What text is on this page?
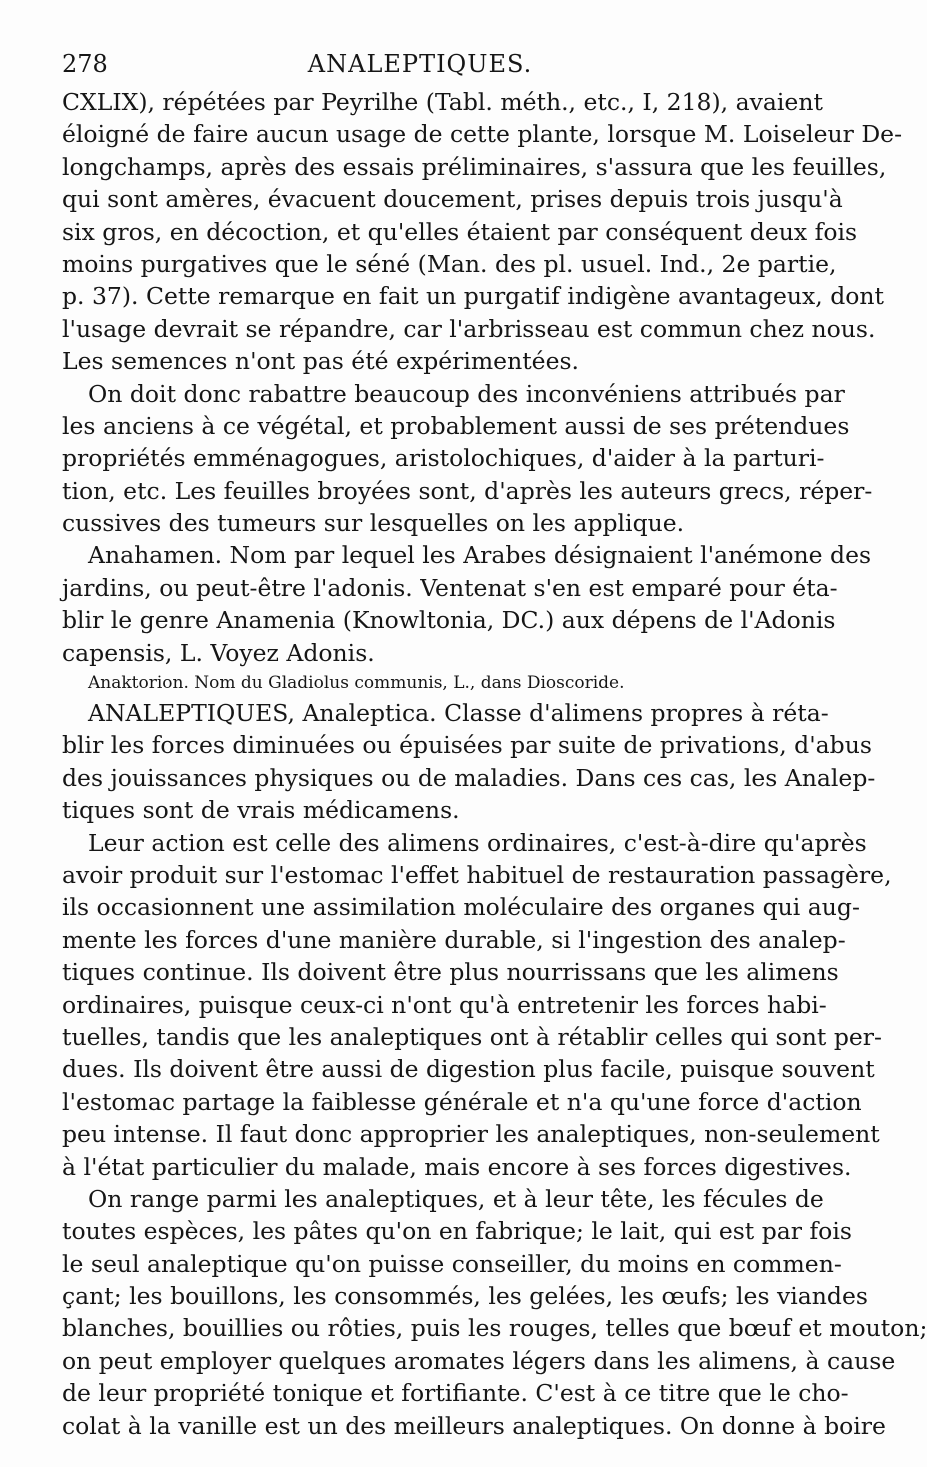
278	ANALEPTIQUES.
CXLIX), répétées par Peyrilhe (Tabl. méth., etc., I, 218), avaient
éloigné de faire aucun usage de cette plante, lorsque M. Loiseleur De-
longchamps, après des essais préliminaires, s'assura que les feuilles,
qui sont amères, évacuent doucement, prises depuis trois jusqu'à
six gros, en décoction, et qu'elles étaient par conséquent deux fois
moins purgatives que le séné (Man. des pl. usuel. Ind., 2e partie,
p. 37). Cette remarque en fait un purgatif indigène avantageux, dont
l'usage devrait se répandre, car l'arbrisseau est commun chez nous.
Les semences n'ont pas été expérimentées.
On doit donc rabattre beaucoup des inconvéniens attribués par
les anciens à ce végétal, et probablement aussi de ses prétendues
propriétés emménagogues, aristolochiques, d'aider à la parturi-
tion, etc. Les feuilles broyées sont, d'après les auteurs grecs, réper-
cussives des tumeurs sur lesquelles on les applique.
Anahamen. Nom par lequel les Arabes désignaient l'anémone des
jardins, ou peut-être l'adonis. Ventenat s'en est emparé pour éta-
blir le genre Anamenia (Knowltonia, DC.) aux dépens de l'Adonis
capensis, L. Voyez Adonis.
Anaktorion. Nom du Gladiolus communis, L., dans Dioscoride.
ANALEPTIQUES, Analeptica. Classe d'alimens propres à réta-
blir les forces diminuées ou épuisées par suite de privations, d'abus
des jouissances physiques ou de maladies. Dans ces cas, les Analep-
tiques sont de vrais médicamens.
Leur action est celle des alimens ordinaires, c'est-à-dire qu'après
avoir produit sur l'estomac l'effet habituel de restauration passagère,
ils occasionnent une assimilation moléculaire des organes qui aug-
mente les forces d'une manière durable, si l'ingestion des analep-
tiques continue. Ils doivent être plus nourrissans que les alimens
ordinaires, puisque ceux-ci n'ont qu'à entretenir les forces habi-
tuelles, tandis que les analeptiques ont à rétablir celles qui sont per-
dues. Ils doivent être aussi de digestion plus facile, puisque souvent
l'estomac partage la faiblesse générale et n'a qu'une force d'action
peu intense. Il faut donc approprier les analeptiques, non-seulement
à l'état particulier du malade, mais encore à ses forces digestives.
On range parmi les analeptiques, et à leur tête, les fécules de
toutes espèces, les pâtes qu'on en fabrique; le lait, qui est par fois
le seul analeptique qu'on puisse conseiller, du moins en commen-
çant; les bouillons, les consommés, les gelées, les œufs; les viandes
blanches, bouillies ou rôties, puis les rouges, telles que bœuf et mouton;
on peut employer quelques aromates légers dans les alimens, à cause
de leur propriété tonique et fortifiante. C'est à ce titre que le cho-
colat à la vanille est un des meilleurs analeptiques. On donne à boire
